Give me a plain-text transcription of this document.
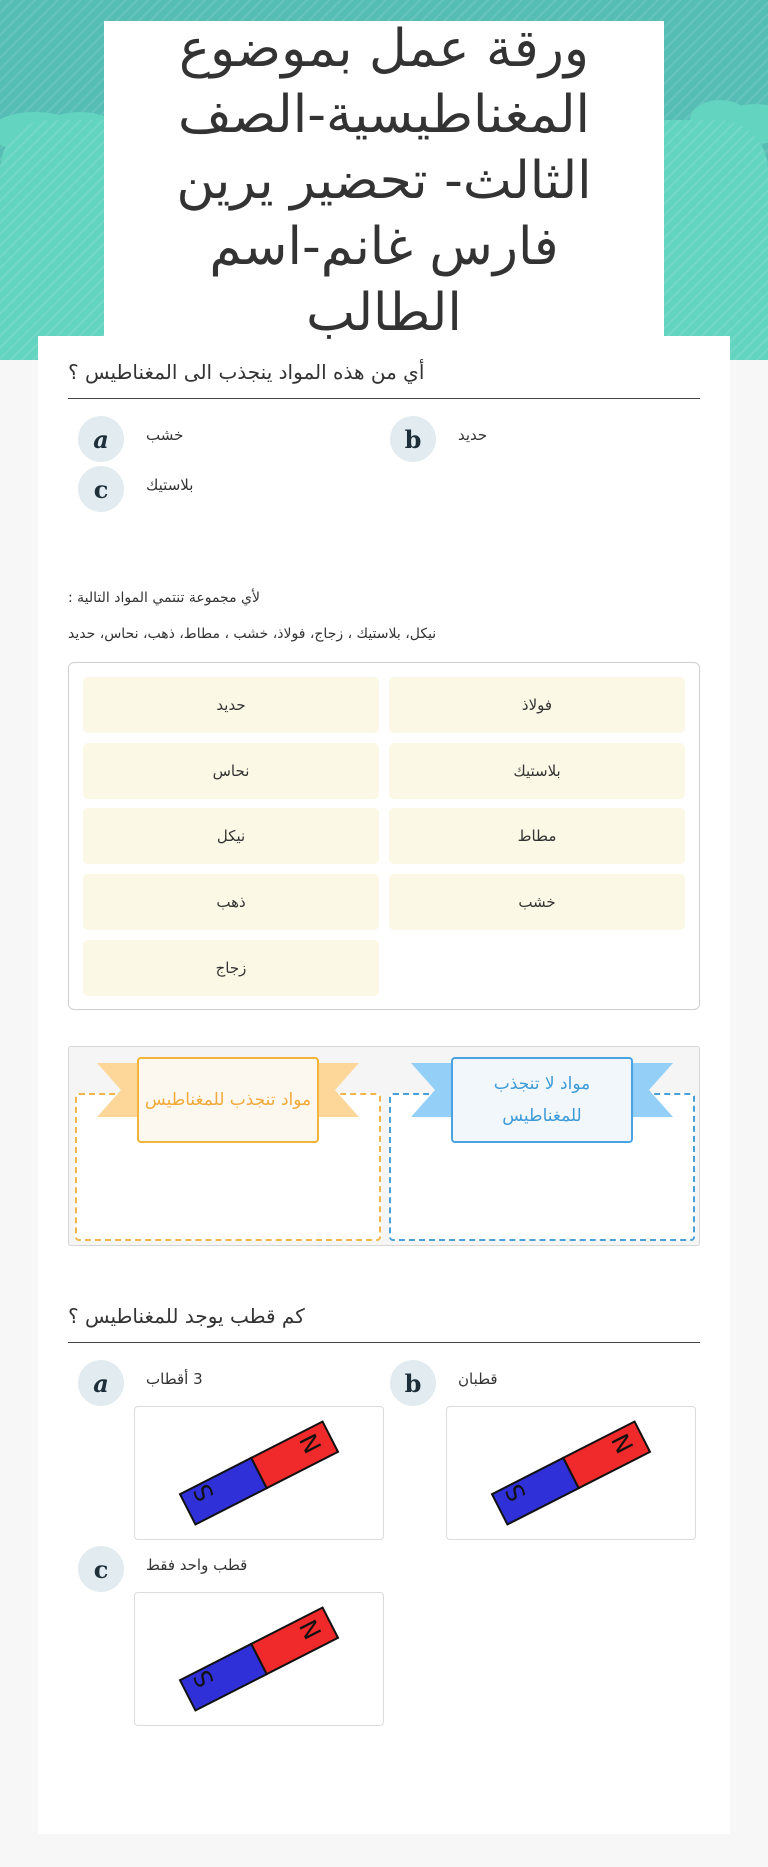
ورقة عمل بموضوع المغناطيسية-الصف الثالث- تحضير يرين فارس غانم-اسم الطالب
أي من هذه المواد ينجذب الى المغناطيس ؟
a	خشب	b	حديد
c	بلاستيك
لأي مجموعة تنتمي المواد التالية :
نيكل، بلاستيك ، زجاج، فولاذ، خشب ، مطاط، ذهب، نحاس، حديد
حديد	فولاذ
نحاس	بلاستيك
نيكل	مطاط
ذهب	خشب
زجاج
مواد تنجذب للمغناطيس
مواد لا تنجذب للمغناطيس
كم قطب يوجد للمغناطيس ؟
a	3 أقطاب
S
N
b	قطبان
S
N
c	قطب واحد فقط
S
N
